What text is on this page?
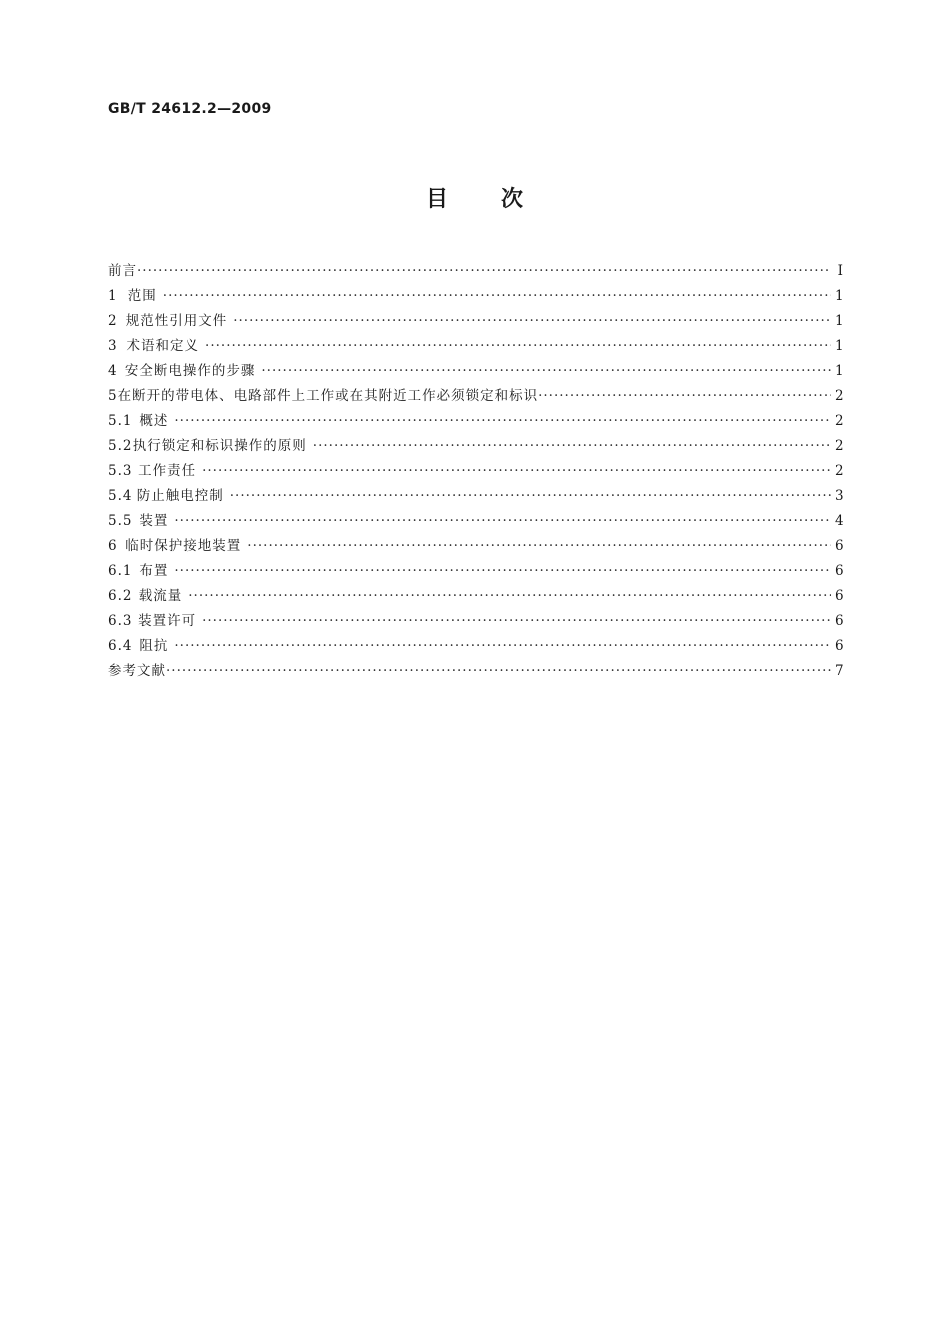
GB/T 24612.2—2009
目 次
前言 ·····	Ⅰ
1 范围 ·····	1
2 规范性引用文件 ·····	1
3 术语和定义 ·····	1
4 安全断电操作的步骤 ·····	1
5 在断开的带电体、电路部件上工作或在其附近工作必须锁定和标识 ·····	2
5.1 概述 ·····	2
5.2 执行锁定和标识操作的原则 ·····	2
5.3 工作责任 ·····	2
5.4 防止触电控制 ·····	3
5.5 装置 ·····	4
6 临时保护接地装置 ·····	6
6.1 布置 ·····	6
6.2 载流量 ·····	6
6.3 装置许可 ·····	6
6.4 阻抗 ·····	6
参考文献 ·····	7
